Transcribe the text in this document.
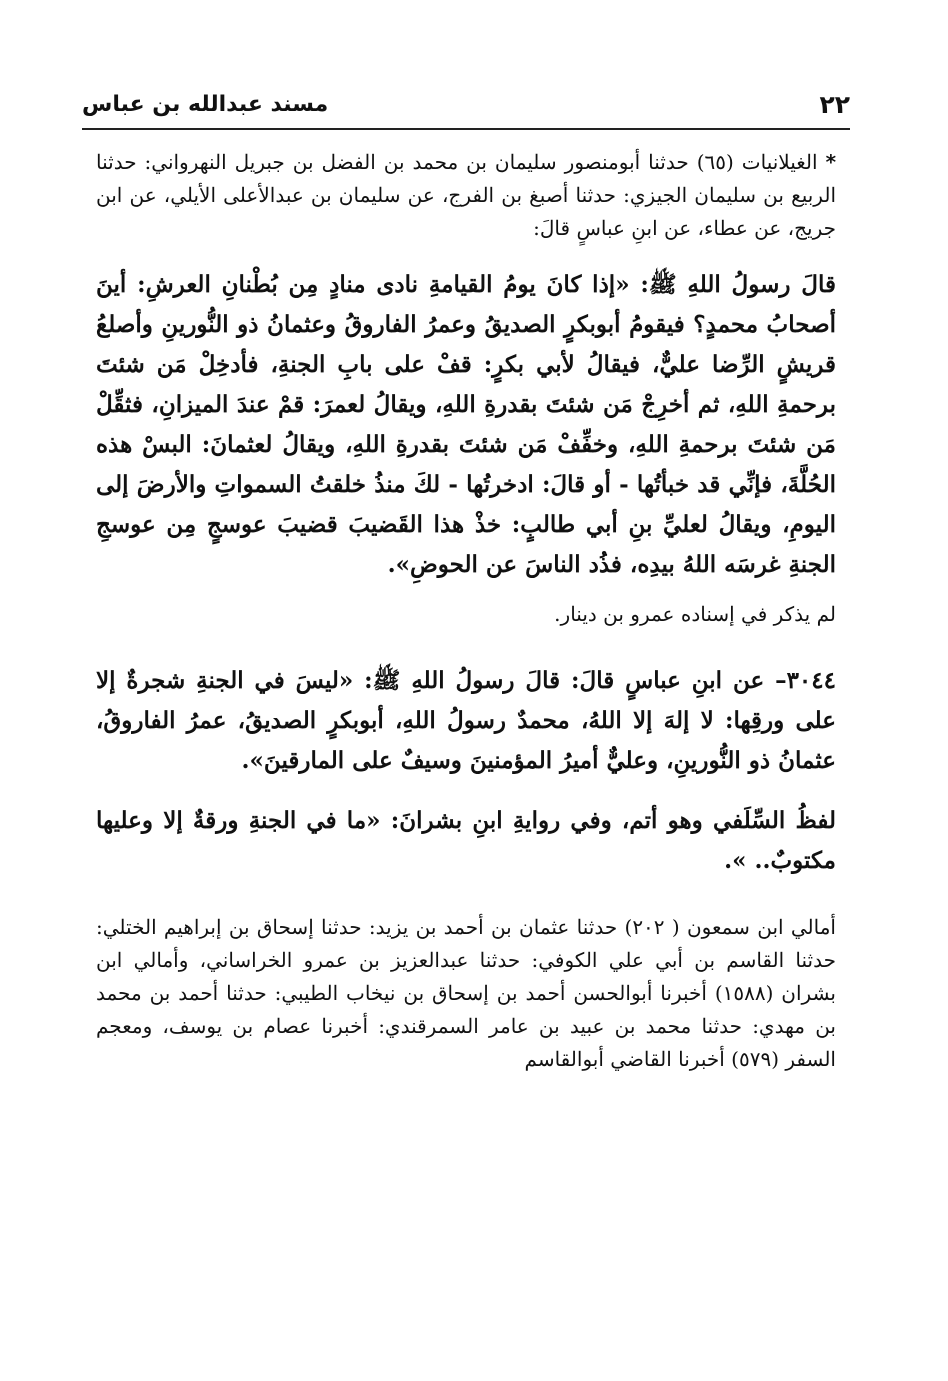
٢٢
مسند عبدالله بن عباس

* الغيلانيات (٦٥) حدثنا أبومنصور سليمان بن محمد بن الفضل بن جبريل النهرواني: حدثنا الربيع بن سليمان الجيزي: حدثنا أصبغ بن الفرج، عن سليمان بن عبدالأعلى الأيلي، عن ابن جريج، عن عطاء، عن ابنِ عباسٍ قالَ:

قالَ رسولُ اللهِ ﷺ: «إذا كانَ يومُ القيامةِ نادى منادٍ مِن بُطْنانِ العرشِ: أينَ أصحابُ محمدٍ؟ فيقومُ أبوبكرٍ الصديقُ وعمرُ الفاروقُ وعثمانُ ذو النُّورينِ وأصلعُ قريشٍ الرِّضا عليٌّ، فيقالُ لأبي بكرٍ: قفْ على بابِ الجنةِ، فأدخِلْ مَن شئتَ برحمةِ اللهِ، ثم أخرِجْ مَن شئتَ بقدرةِ اللهِ، ويقالُ لعمرَ: قمْ عندَ الميزانِ، فثقِّلْ مَن شئتَ برحمةِ اللهِ، وخفِّفْ مَن شئتَ بقدرةِ اللهِ، ويقالُ لعثمانَ: البسْ هذه الحُلَّةَ، فإنِّي قد خبأتُها - أو قالَ: ادخرتُها - لكَ منذُ خلقتُ السمواتِ والأرضَ إلى اليومِ، ويقالُ لعليِّ بنِ أبي طالبٍ: خذْ هذا القَضيبَ قضيبَ عوسجٍ مِن عوسجِ الجنةِ غرسَه اللهُ بيدِه، فذُد الناسَ عن الحوضِ».

لم يذكر في إسناده عمرو بن دينار.

٣٠٤٤– عن ابنِ عباسٍ قالَ: قالَ رسولُ اللهِ ﷺ: «ليسَ في الجنةِ شجرةٌ إلا على ورقِها: لا إلهَ إلا اللهُ، محمدٌ رسولُ اللهِ، أبوبكرٍ الصديقُ، عمرُ الفاروقُ، عثمانُ ذو النُّورينِ، وعليٌّ أميرُ المؤمنينَ وسيفٌ على المارقينَ».

لفظُ السِّلَفي وهو أتم، وفي روايةِ ابنِ بشرانَ: «ما في الجنةِ ورقةٌ إلا وعليها مكتوبٌ.. ».

أمالي ابن سمعون ( ٢٠٢) حدثنا عثمان بن أحمد بن يزيد: حدثنا إسحاق بن إبراهيم الختلي: حدثنا القاسم بن أبي علي الكوفي: حدثنا عبدالعزيز بن عمرو الخراساني، وأمالي ابن بشران (١٥٨٨) أخبرنا أبوالحسن أحمد بن إسحاق بن نيخاب الطيبي: حدثنا أحمد بن محمد بن مهدي: حدثنا محمد بن عبيد بن عامر السمرقندي: أخبرنا عصام بن يوسف، ومعجم السفر (٥٧٩) أخبرنا القاضي أبوالقاسم
